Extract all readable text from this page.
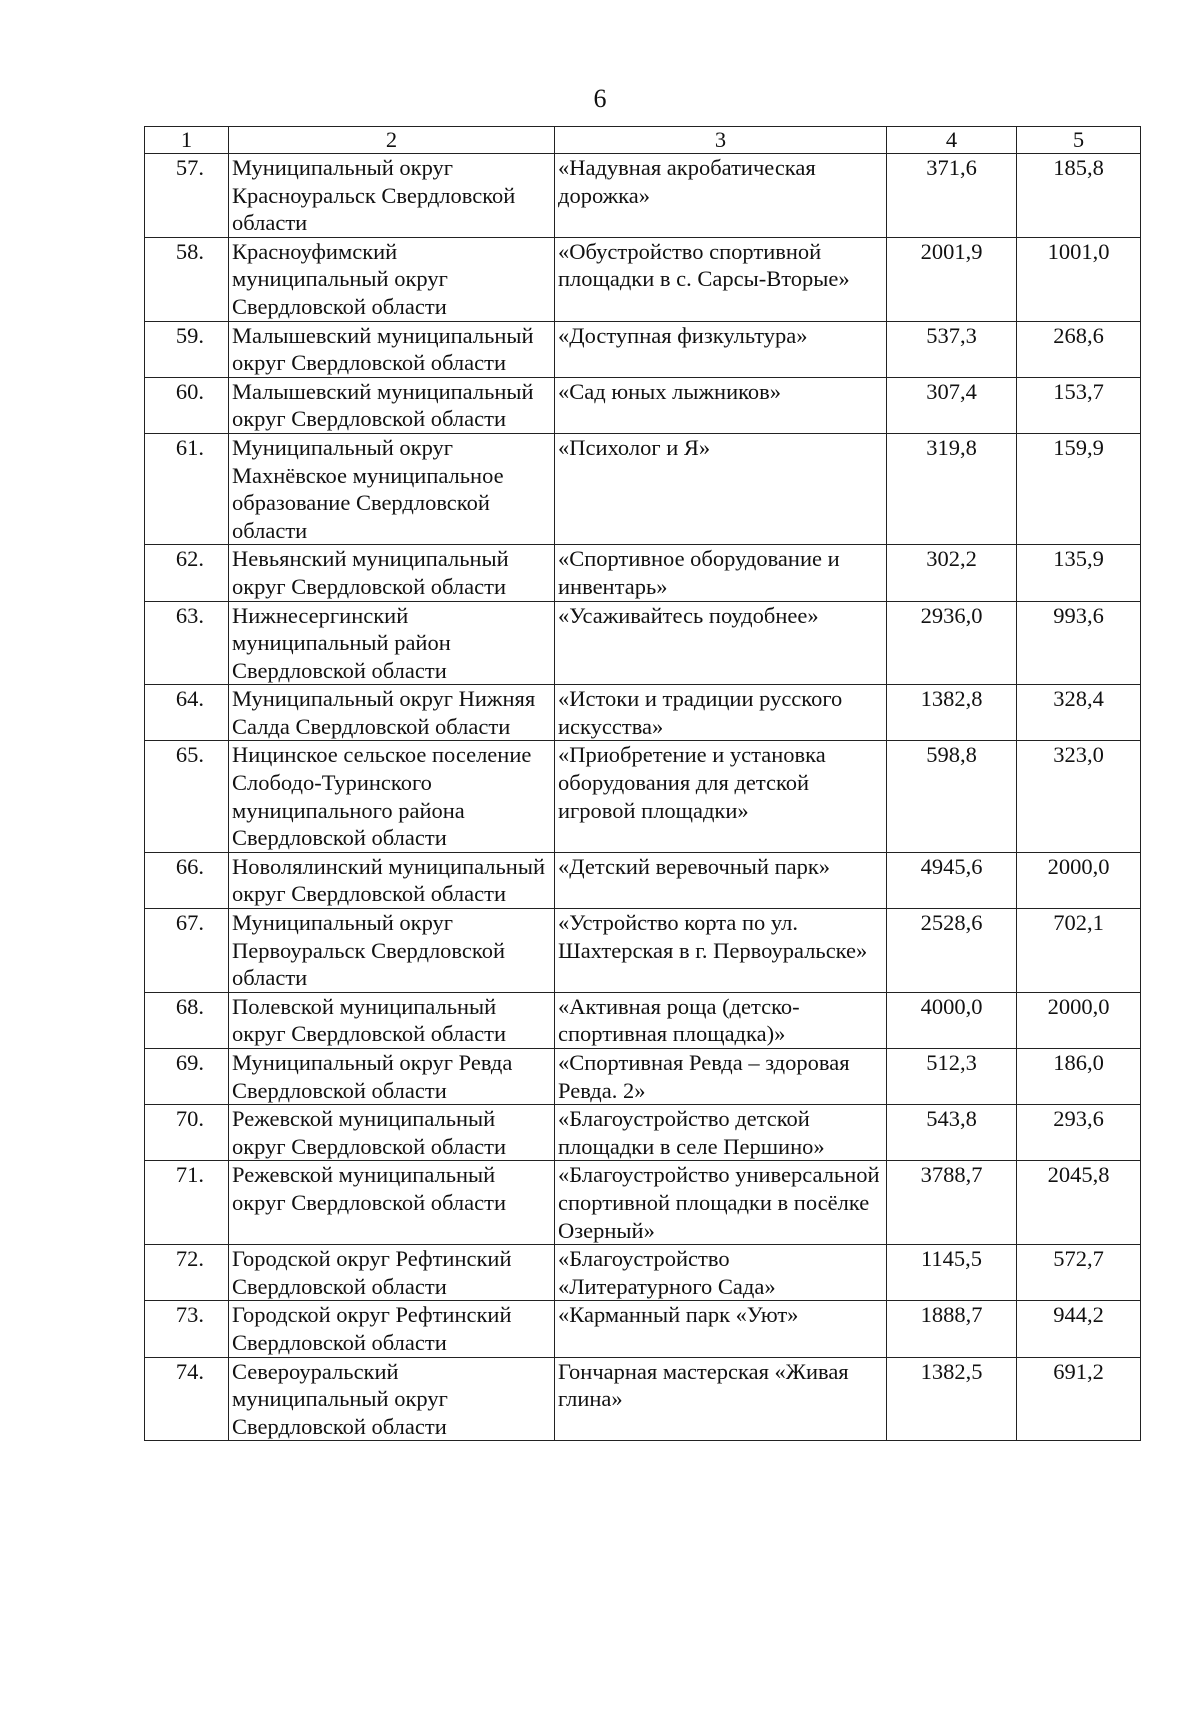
6
1	2	3	4	5
57.	Муниципальный округ Красноуральск Свердловской области	«Надувная акробатическая дорожка»	371,6	185,8
58.	Красноуфимский муниципальный округ Свердловской области	«Обустройство спортивной площадки в с. Сарсы-Вторые»	2001,9	1001,0
59.	Малышевский муниципальный округ Свердловской области	«Доступная физкультура»	537,3	268,6
60.	Малышевский муниципальный округ Свердловской области	«Сад юных лыжников»	307,4	153,7
61.	Муниципальный округ Махнёвское муниципальное образование Свердловской области	«Психолог и Я»	319,8	159,9
62.	Невьянский муниципальный округ Свердловской области	«Спортивное оборудование и инвентарь»	302,2	135,9
63.	Нижнесергинский муниципальный район Свердловской области	«Усаживайтесь поудобнее»	2936,0	993,6
64.	Муниципальный округ Нижняя Салда Свердловской области	«Истоки и традиции русского искусства»	1382,8	328,4
65.	Ницинское сельское поселение Слободо-Туринского муниципального района Свердловской области	«Приобретение и установка оборудования для детской игровой площадки»	598,8	323,0
66.	Новолялинский муниципальный округ Свердловской области	«Детский веревочный парк»	4945,6	2000,0
67.	Муниципальный округ Первоуральск Свердловской области	«Устройство корта по ул. Шахтерская в г. Первоуральске»	2528,6	702,1
68.	Полевской муниципальный округ Свердловской области	«Активная роща (детско-спортивная площадка)»	4000,0	2000,0
69.	Муниципальный округ Ревда Свердловской области	«Спортивная Ревда – здоровая Ревда. 2»	512,3	186,0
70.	Режевской муниципальный округ Свердловской области	«Благоустройство детской площадки в селе Першино»	543,8	293,6
71.	Режевской муниципальный округ Свердловской области	«Благоустройство универсальной спортивной площадки в посёлке Озерный»	3788,7	2045,8
72.	Городской округ Рефтинский Свердловской области	«Благоустройство «Литературного Сада»	1145,5	572,7
73.	Городской округ Рефтинский Свердловской области	«Карманный парк «Уют»	1888,7	944,2
74.	Североуральский муниципальный округ Свердловской области	Гончарная мастерская «Живая глина»	1382,5	691,2
